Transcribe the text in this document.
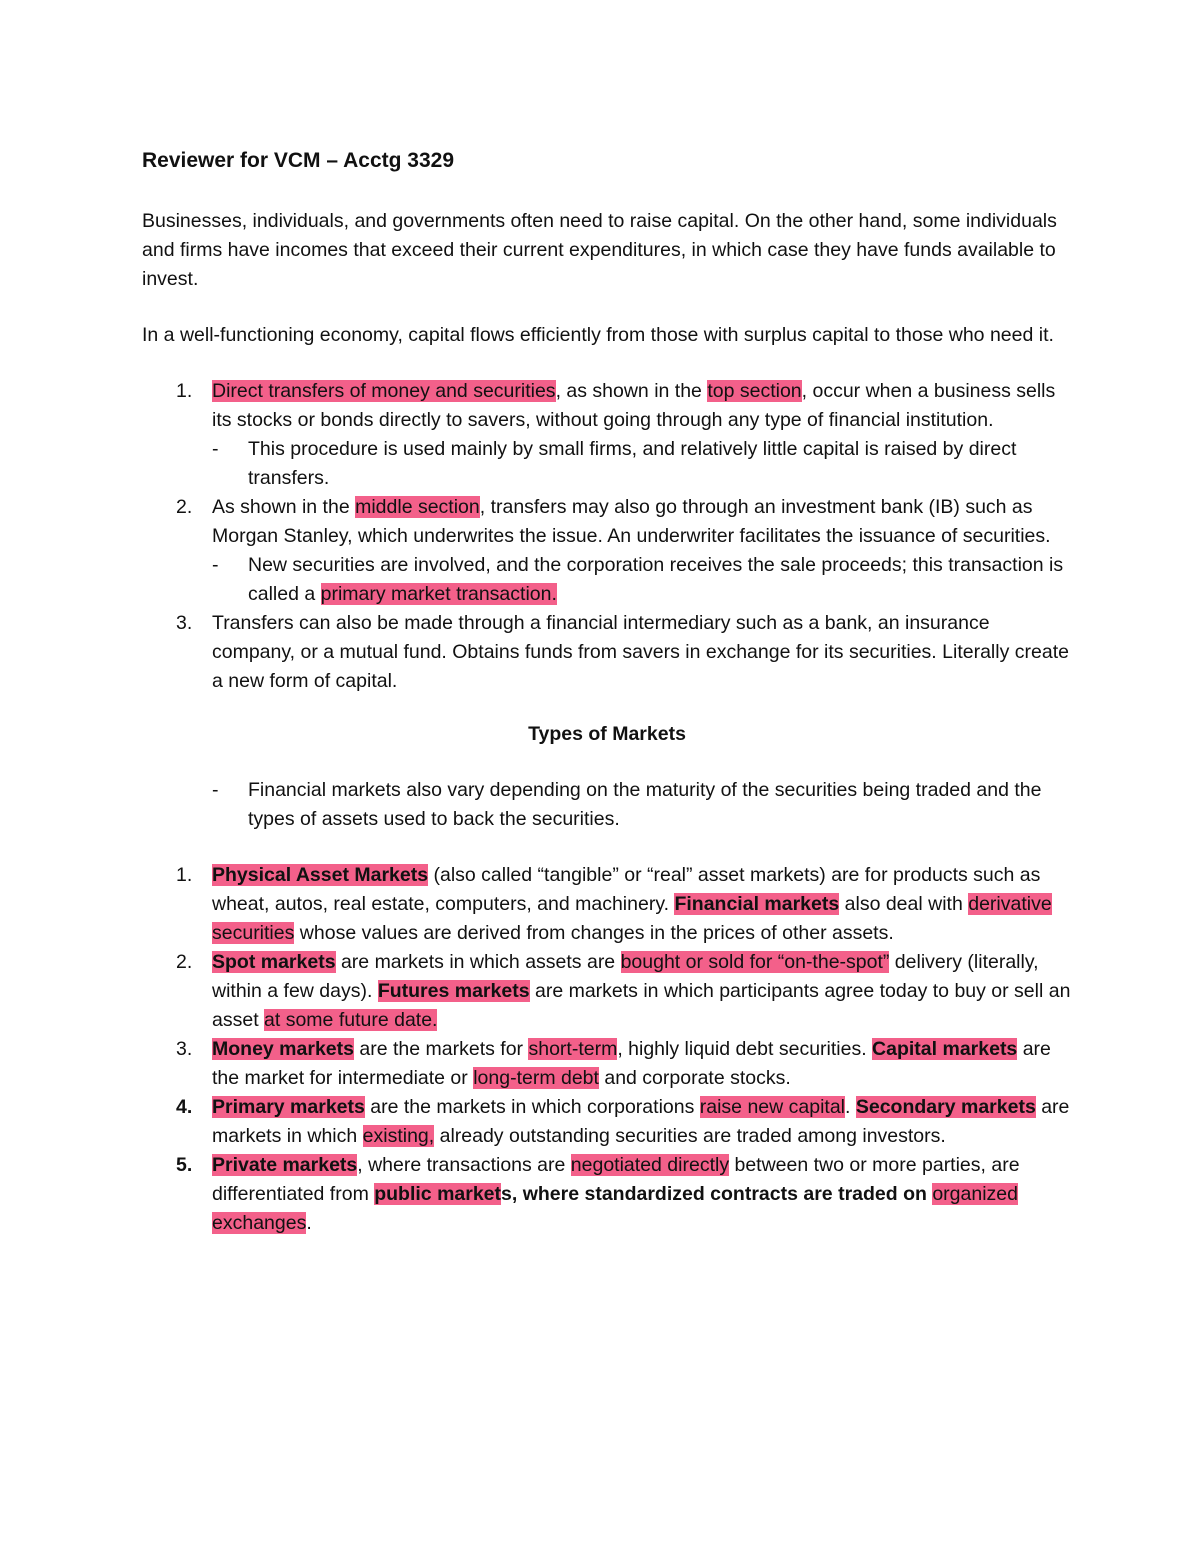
Reviewer for VCM – Acctg 3329
Businesses, individuals, and governments often need to raise capital. On the other hand, some individuals and firms have incomes that exceed their current expenditures, in which case they have funds available to invest.
In a well-functioning economy, capital flows efficiently from those with surplus capital to those who need it.
1. Direct transfers of money and securities, as shown in the top section, occur when a business sells its stocks or bonds directly to savers, without going through any type of financial institution.
- This procedure is used mainly by small firms, and relatively little capital is raised by direct transfers.
2. As shown in the middle section, transfers may also go through an investment bank (IB) such as Morgan Stanley, which underwrites the issue. An underwriter facilitates the issuance of securities.
- New securities are involved, and the corporation receives the sale proceeds; this transaction is called a primary market transaction.
3. Transfers can also be made through a financial intermediary such as a bank, an insurance company, or a mutual fund. Obtains funds from savers in exchange for its securities. Literally create a new form of capital.
Types of Markets
- Financial markets also vary depending on the maturity of the securities being traded and the types of assets used to back the securities.
1. Physical Asset Markets (also called “tangible” or “real” asset markets) are for products such as wheat, autos, real estate, computers, and machinery. Financial markets also deal with derivative securities whose values are derived from changes in the prices of other assets.
2. Spot markets are markets in which assets are bought or sold for “on-the-spot” delivery (literally, within a few days). Futures markets are markets in which participants agree today to buy or sell an asset at some future date.
3. Money markets are the markets for short-term, highly liquid debt securities. Capital markets are the market for intermediate or long-term debt and corporate stocks.
4. Primary markets are the markets in which corporations raise new capital. Secondary markets are markets in which existing, already outstanding securities are traded among investors.
5. Private markets, where transactions are negotiated directly between two or more parties, are differentiated from public markets, where standardized contracts are traded on organized exchanges.
